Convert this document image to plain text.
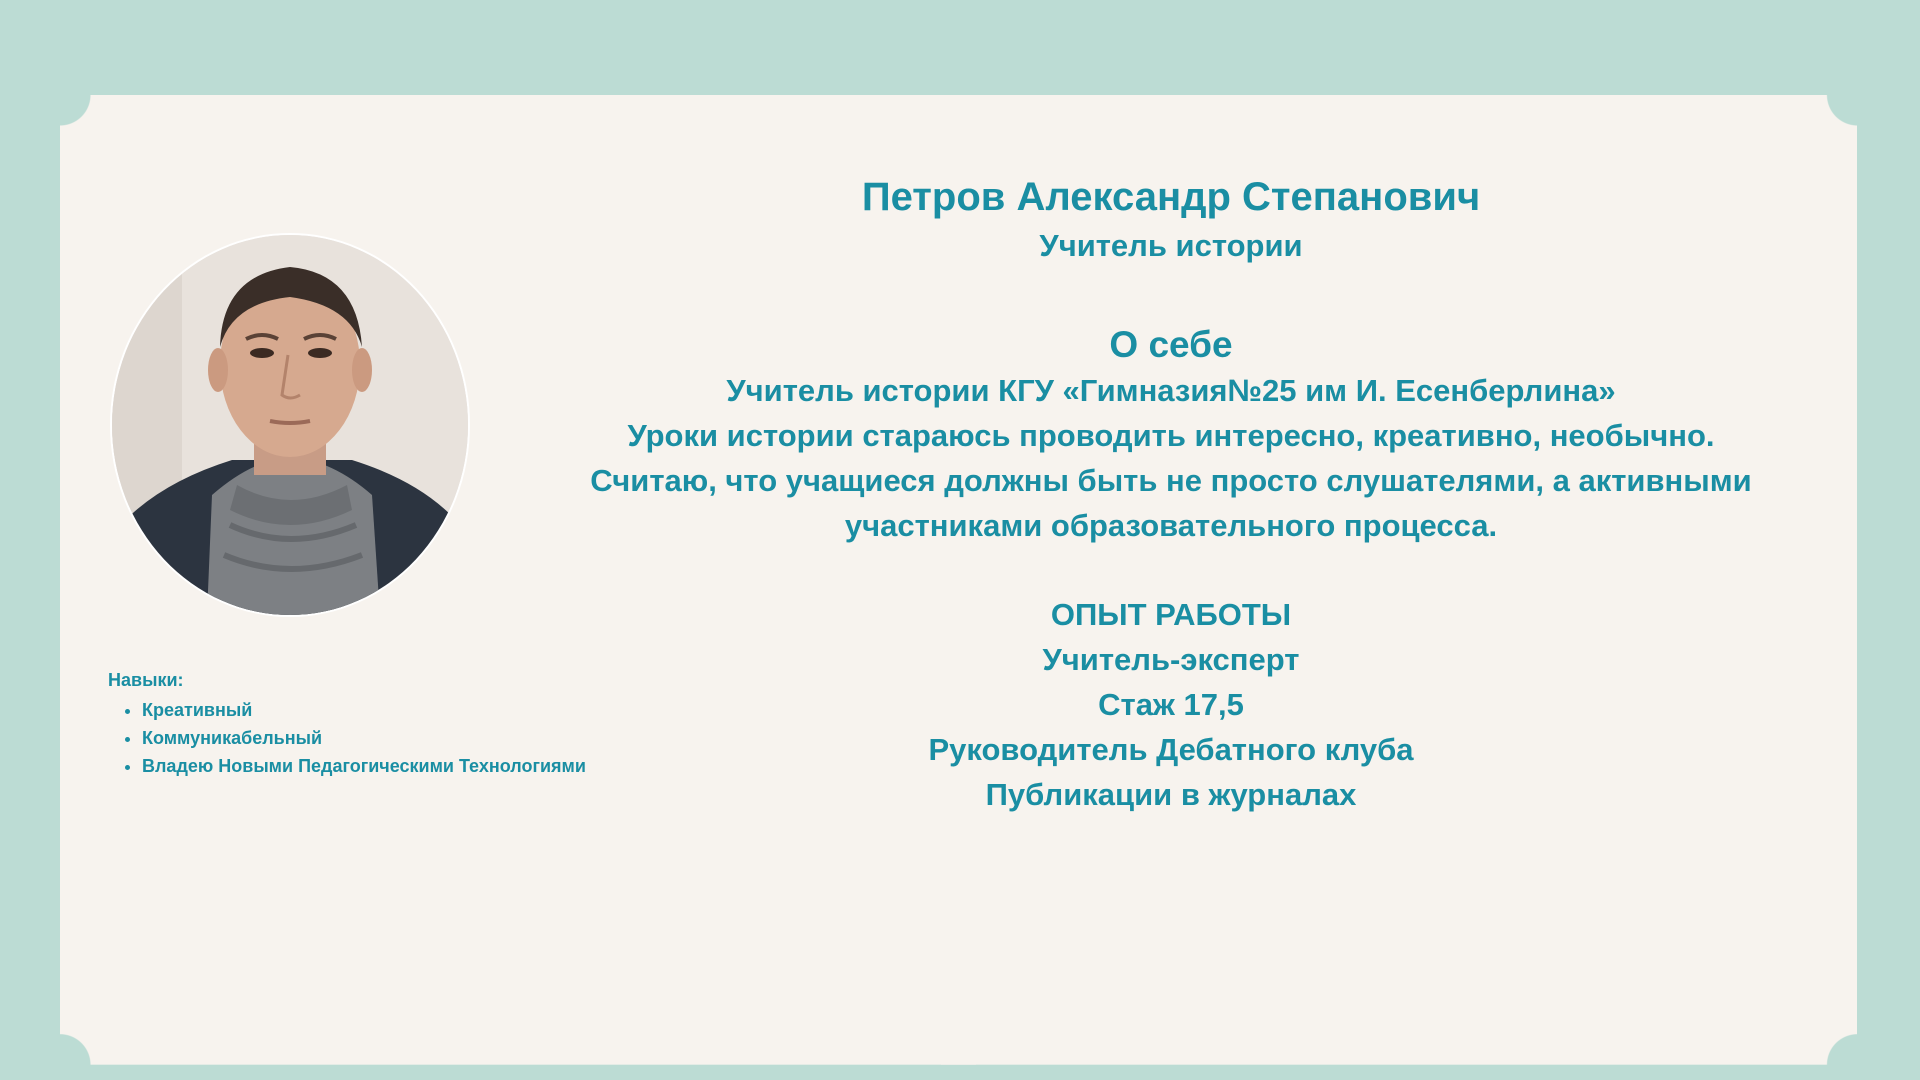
Навыки:
• Креативный
• Коммуникабельный
• Владею Новыми Педагогическими Технологиями
Петров Александр Степанович
Учитель истории
О себе
Учитель истории КГУ «Гимназия№25 им И. Есенберлина»
Уроки истории стараюсь проводить интересно, креативно, необычно.
Считаю, что учащиеся должны быть не просто слушателями, а активными
участниками образовательного процесса.
ОПЫТ РАБОТЫ
Учитель-эксперт
Стаж 17,5
Руководитель Дебатного клуба
Публикации в журналах
